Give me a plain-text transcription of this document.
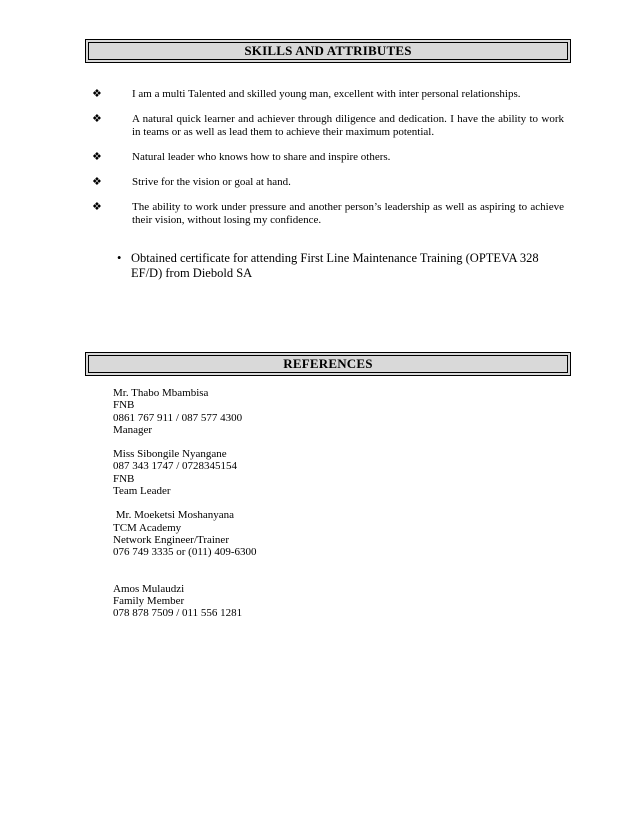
SKILLS AND ATTRIBUTES
❖	I am a multi Talented and skilled young man, excellent with inter personal relationships.
❖	A natural quick learner and achiever through diligence and dedication. I have the ability to work in teams or as well as lead them to achieve their maximum potential.
❖	Natural leader who knows how to share and inspire others.
❖	Strive for the vision or goal at hand.
❖	The ability to work under pressure and another person’s leadership as well as aspiring to achieve their vision, without losing my confidence.
• Obtained certificate for attending First Line Maintenance Training (OPTEVA 328 EF/D) from Diebold SA
REFERENCES
Mr. Thabo Mbambisa
FNB
0861 767 911 / 087 577 4300
Manager
Miss Sibongile Nyangane
087 343 1747 / 0728345154
FNB
Team Leader
Mr. Moeketsi Moshanyana
TCM Academy
Network Engineer/Trainer
076 749 3335 or (011) 409-6300
Amos Mulaudzi
Family Member
078 878 7509 / 011 556 1281
